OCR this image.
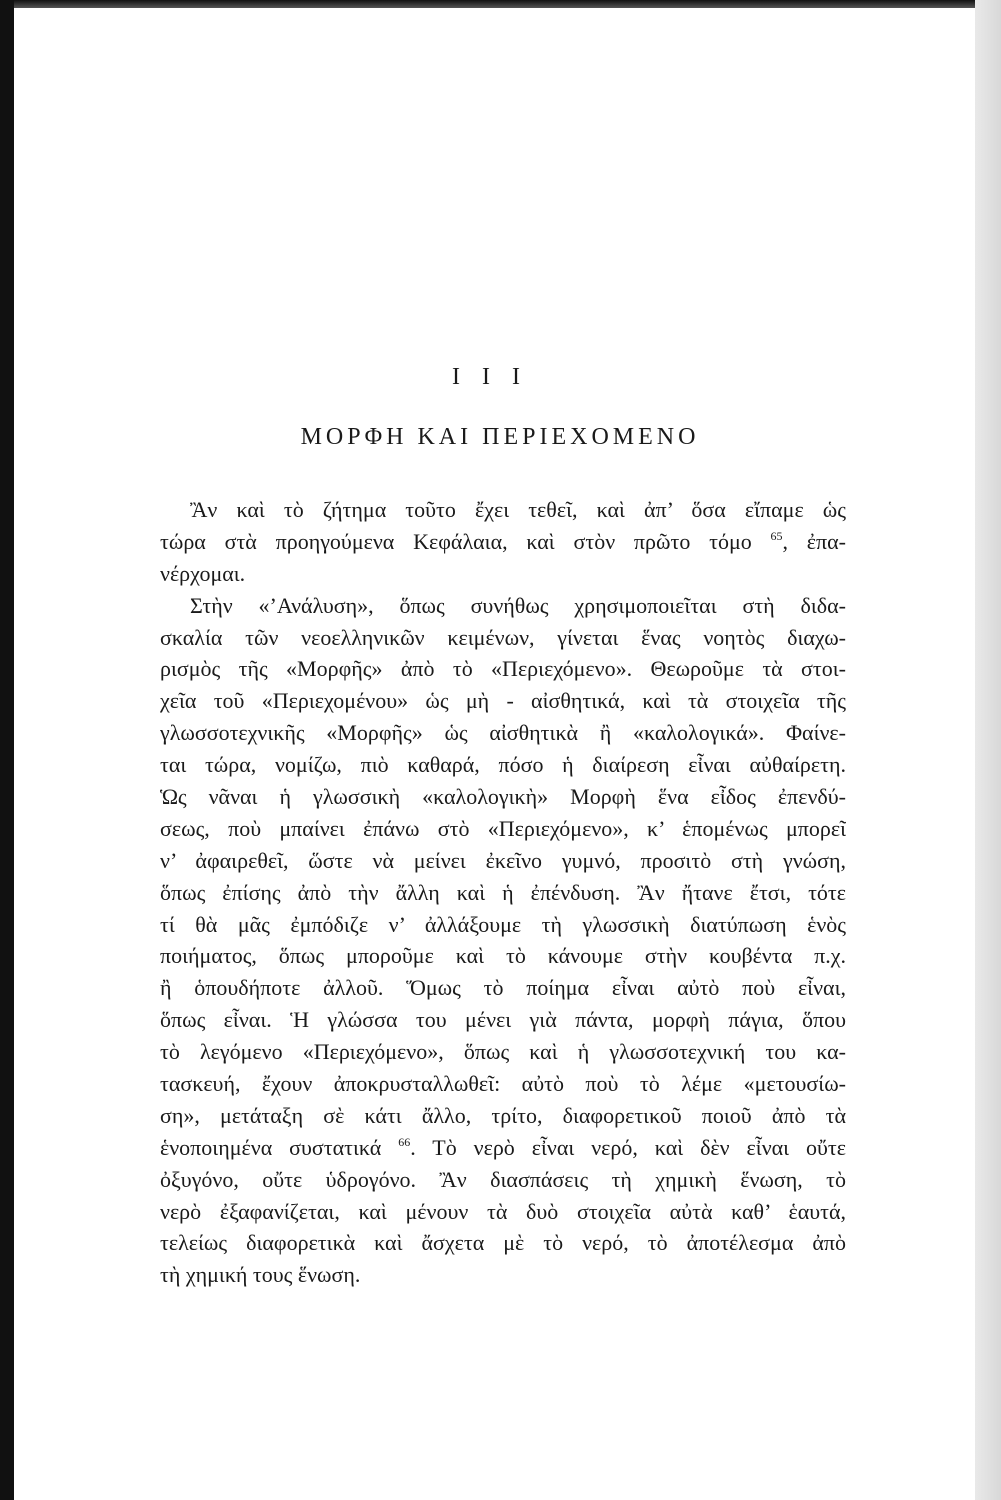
I I I
ΜΟΡΦΗ ΚΑΙ ΠΕΡΙΕΧΟΜΕΝΟ
Ἂν καὶ τὸ ζήτημα τοῦτο ἔχει τεθεῖ, καὶ ἀπ’ ὅσα εἴπαμε ὡς
τώρα στὰ προηγούμενα Κεφάλαια, καὶ στὸν πρῶτο τόμο $^{65}$, ἐπα-
νέρχομαι.
Στὴν «’Ανάλυση», ὅπως συνήθως χρησιμοποιεῖται στὴ διδα-
σκαλία τῶν νεοελληνικῶν κειμένων, γίνεται ἕνας νοητὸς διαχω-
ρισμὸς τῆς «Μορφῆς» ἀπὸ τὸ «Περιεχόμενο». Θεωροῦμε τὰ στοι-
χεῖα τοῦ «Περιεχομένου» ὡς μὴ - αἰσθητικά, καὶ τὰ στοιχεῖα τῆς
γλωσσοτεχνικῆς «Μορφῆς» ὡς αἰσθητικὰ ἢ «καλολογικά». Φαίνε-
ται τώρα, νομίζω, πιὸ καθαρά, πόσο ἡ διαίρεση εἶναι αὐθαίρετη.
Ὡς νᾶναι ἡ γλωσσικὴ «καλολογικὴ» Μορφὴ ἕνα εἶδος ἐπενδύ-
σεως, ποὺ μπαίνει ἐπάνω στὸ «Περιεχόμενο», κ’ ἑπομένως μπορεῖ
ν’ ἀφαιρεθεῖ, ὥστε νὰ μείνει ἐκεῖνο γυμνό, προσιτὸ στὴ γνώση,
ὅπως ἐπίσης ἀπὸ τὴν ἄλλη καὶ ἡ ἐπένδυση. Ἂν ἤτανε ἔτσι, τότε
τί θὰ μᾶς ἐμπόδιζε ν’ ἀλλάξουμε τὴ γλωσσικὴ διατύπωση ἑνὸς
ποιήματος, ὅπως μποροῦμε καὶ τὸ κάνουμε στὴν κουβέντα π.χ.
ἢ ὁπουδήποτε ἀλλοῦ. Ὅμως τὸ ποίημα εἶναι αὐτὸ ποὺ εἶναι,
ὅπως εἶναι. Ἡ γλώσσα του μένει γιὰ πάντα, μορφὴ πάγια, ὅπου
τὸ λεγόμενο «Περιεχόμενο», ὅπως καὶ ἡ γλωσσοτεχνική του κα-
τασκευή, ἔχουν ἀποκρυσταλλωθεῖ: αὐτὸ ποὺ τὸ λέμε «μετουσίω-
ση», μετάταξη σὲ κάτι ἄλλο, τρίτο, διαφορετικοῦ ποιοῦ ἀπὸ τὰ
ἑνοποιημένα συστατικά $^{66}$. Τὸ νερὸ εἶναι νερό, καὶ δὲν εἶναι οὔτε
ὀξυγόνο, οὔτε ὑδρογόνο. Ἂν διασπάσεις τὴ χημικὴ ἕνωση, τὸ
νερὸ ἐξαφανίζεται, καὶ μένουν τὰ δυὸ στοιχεῖα αὐτὰ καθ’ ἑαυτά,
τελείως διαφορετικὰ καὶ ἄσχετα μὲ τὸ νερό, τὸ ἀποτέλεσμα ἀπὸ
τὴ χημική τους ἕνωση.
